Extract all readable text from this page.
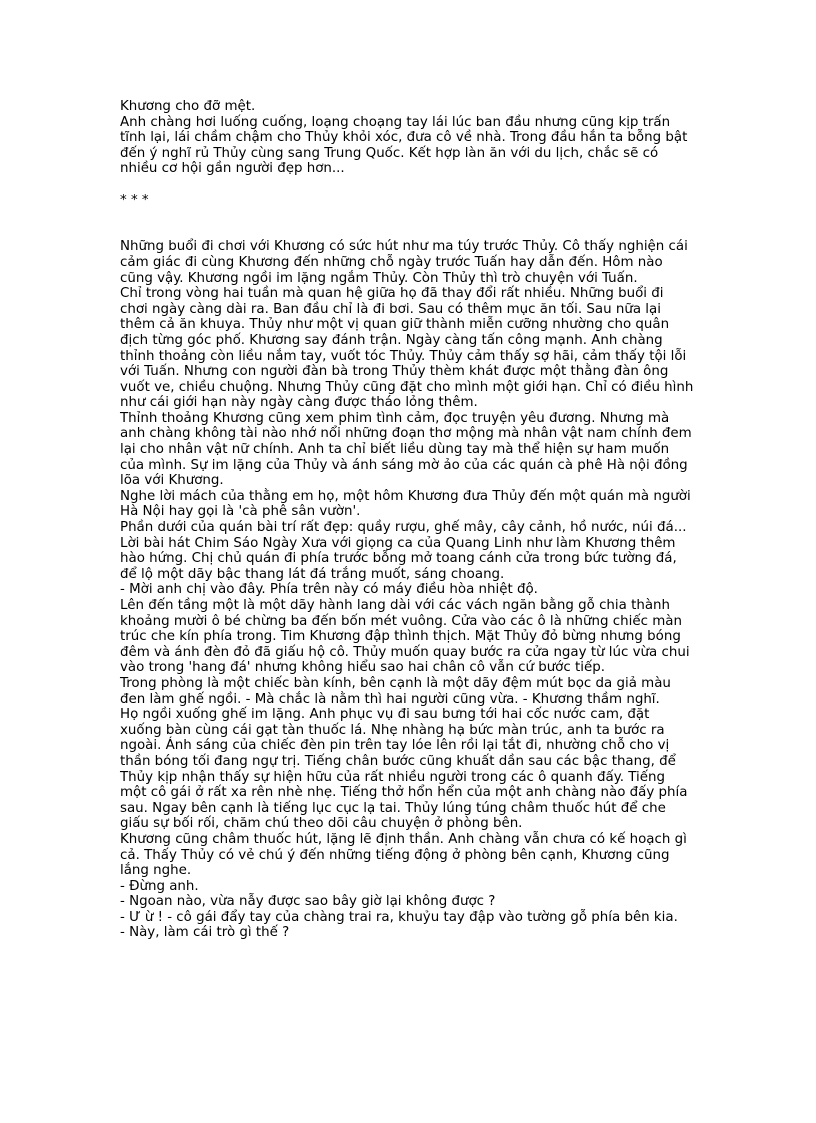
Khương cho đỡ mệt.
Anh chàng hơi luống cuống, loạng choạng tay lái lúc ban đầu nhưng cũng kịp trấn
tĩnh lại, lái chầm chậm cho Thủy khỏi xóc, đưa cô về nhà. Trong đầu hắn ta bỗng bật
đến ý nghĩ rủ Thủy cùng sang Trung Quốc. Kết hợp làn ăn với du lịch, chắc sẽ có
nhiều cơ hội gần người đẹp hơn...
* * *
Những buổi đi chơi với Khương có sức hút như ma túy trước Thủy. Cô thấy nghiện cái
cảm giác đi cùng Khương đến những chỗ ngày trước Tuấn hay dẫn đến. Hôm nào
cũng vậy. Khương ngồi im lặng ngắm Thủy. Còn Thủy thì trò chuyện với Tuấn.
Chỉ trong vòng hai tuần mà quan hệ giữa họ đã thay đổi rất nhiều. Những buổi đi
chơi ngày càng dài ra. Ban đầu chỉ là đi bơi. Sau có thêm mục ăn tối. Sau nữa lại
thêm cả ăn khuya. Thủy như một vị quan giữ thành miễn cưỡng nhường cho quân
địch từng góc phố. Khương say đánh trận. Ngày càng tấn công mạnh. Anh chàng
thỉnh thoảng còn liều nắm tay, vuốt tóc Thủy. Thủy cảm thấy sợ hãi, cảm thấy tội lỗi
với Tuấn. Nhưng con người đàn bà trong Thủy thèm khát được một thằng đàn ông
vuốt ve, chiều chuộng. Nhưng Thủy cũng đặt cho mình một giới hạn. Chỉ có điều hình
như cái giới hạn này ngày càng được tháo lỏng thêm.
Thỉnh thoảng Khương cũng xem phim tình cảm, đọc truyện yêu đương. Nhưng mà
anh chàng không tài nào nhớ nổi những đoạn thơ mộng mà nhân vật nam chính đem
lại cho nhân vật nữ chính. Anh ta chỉ biết liều dùng tay mà thể hiện sự ham muốn
của mình. Sự im lặng của Thủy và ánh sáng mờ ảo của các quán cà phê Hà nội đồng
lõa với Khương.
Nghe lời mách của thằng em họ, một hôm Khương đưa Thủy đến một quán mà người
Hà Nội hay gọi là 'cà phê sân vườn'.
Phần dưới của quán bài trí rất đẹp: quầy rượu, ghế mây, cây cảnh, hồ nước, núi đá...
Lời bài hát Chim Sáo Ngày Xưa với giọng ca của Quang Linh như làm Khương thêm
hào hứng. Chị chủ quán đi phía trước bỗng mở toang cánh cửa trong bức tường đá,
để lộ một dãy bậc thang lát đá trắng muốt, sáng choang.
- Mời anh chị vào đây. Phía trên này có máy điều hòa nhiệt độ.
Lên đến tầng một là một dãy hành lang dài với các vách ngăn bằng gỗ chia thành
khoảng mười ô bé chừng ba đến bốn mét vuông. Cửa vào các ô là những chiếc màn
trúc che kín phía trong. Tim Khương đập thình thịch. Mặt Thủy đỏ bừng nhưng bóng
đêm và ánh đèn đỏ đã giấu hộ cô. Thủy muốn quay bước ra cửa ngay từ lúc vừa chui
vào trong 'hang đá' nhưng không hiểu sao hai chân cô vẫn cứ bước tiếp.
Trong phòng là một chiếc bàn kính, bên cạnh là một dãy đệm mút bọc da giả màu
đen làm ghế ngồi. - Mà chắc là nằm thì hai người cũng vừa. - Khương thầm nghĩ.
Họ ngồi xuống ghế im lặng. Anh phục vụ đi sau bưng tới hai cốc nước cam, đặt
xuống bàn cùng cái gạt tàn thuốc lá. Nhẹ nhàng hạ bức màn trúc, anh ta bước ra
ngoài. Ánh sáng của chiếc đèn pin trên tay lóe lên rồi lại tắt đi, nhường chỗ cho vị
thần bóng tối đang ngự trị. Tiếng chân bước cũng khuất dần sau các bậc thang, để
Thủy kịp nhận thấy sự hiện hữu của rất nhiều người trong các ô quanh đấy. Tiếng
một cô gái ở rất xa rên nhè nhẹ. Tiếng thở hổn hển của một anh chàng nào đấy phía
sau. Ngay bên cạnh là tiếng lục cục lạ tai. Thủy lúng túng châm thuốc hút để che
giấu sự bối rối, chăm chú theo dõi câu chuyện ở phòng bên.
Khương cũng châm thuốc hút, lặng lẽ định thần. Anh chàng vẫn chưa có kế hoạch gì
cả. Thấy Thủy có vẻ chú ý đến những tiếng động ở phòng bên cạnh, Khương cũng
lắng nghe.
- Đừng anh.
- Ngoan nào, vừa nẫy được sao bây giờ lại không được ?
- Ư ừ ! - cô gái đẩy tay của chàng trai ra, khuỷu tay đập vào tường gỗ phía bên kia.
- Này, làm cái trò gì thế ?
